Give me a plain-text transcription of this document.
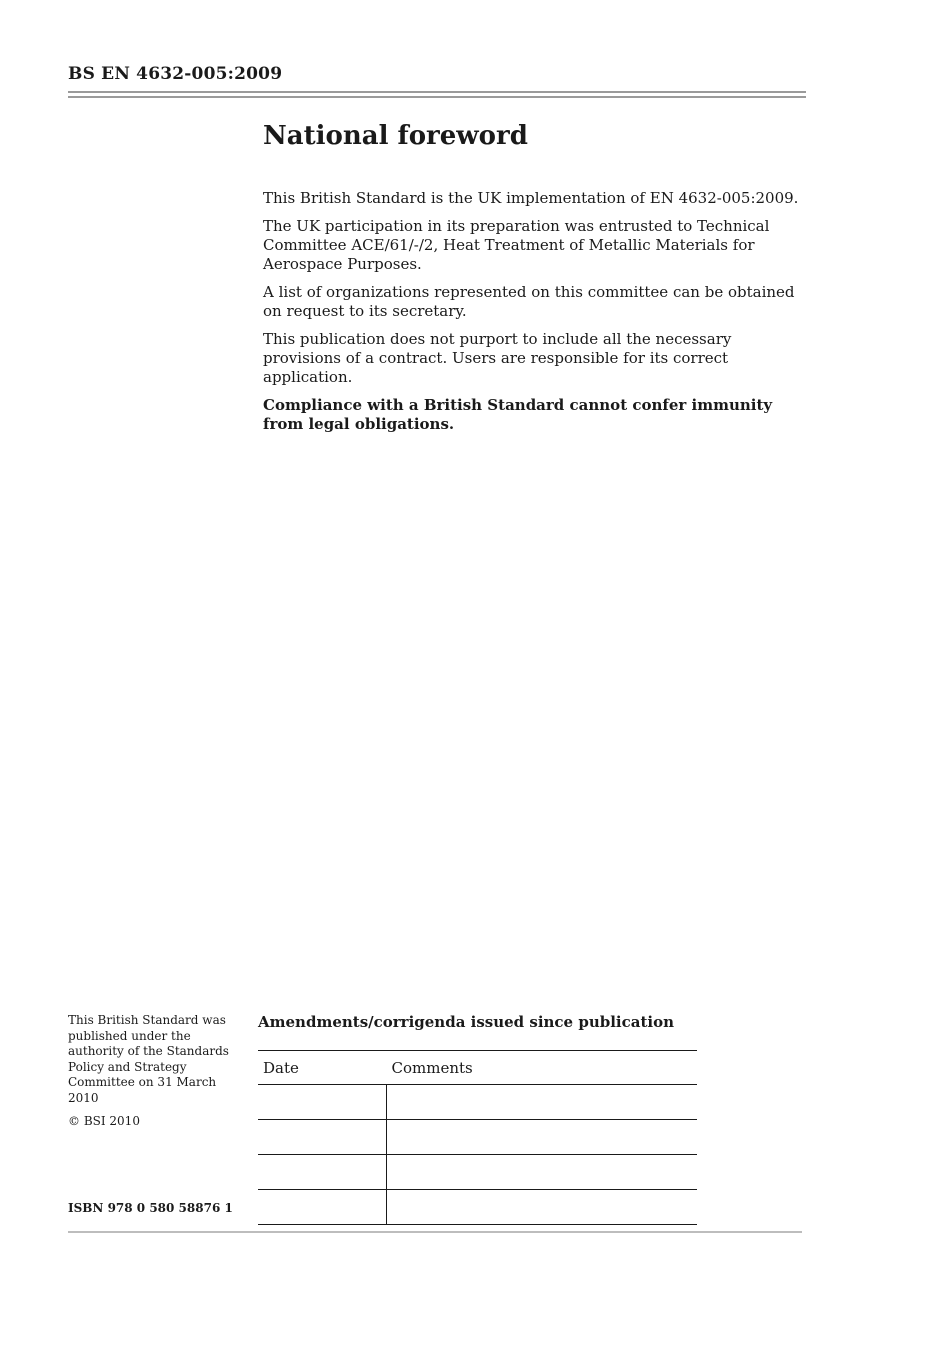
BS EN 4632-005:2009
National foreword

This British Standard is the UK implementation of EN 4632-005:2009.

The UK participation in its preparation was entrusted to Technical Committee ACE/61/-/2, Heat Treatment of Metallic Materials for Aerospace Purposes.

A list of organizations represented on this committee can be obtained on request to its secretary.

This publication does not purport to include all the necessary provisions of a contract. Users are responsible for its correct application.

Compliance with a British Standard cannot confer immunity from legal obligations.

This British Standard was published under the authority of the Standards Policy and Strategy Committee on 31 March 2010

© BSI 2010

ISBN 978 0 580 58876 1
Amendments/corrigenda issued since publication
Date	Comments
